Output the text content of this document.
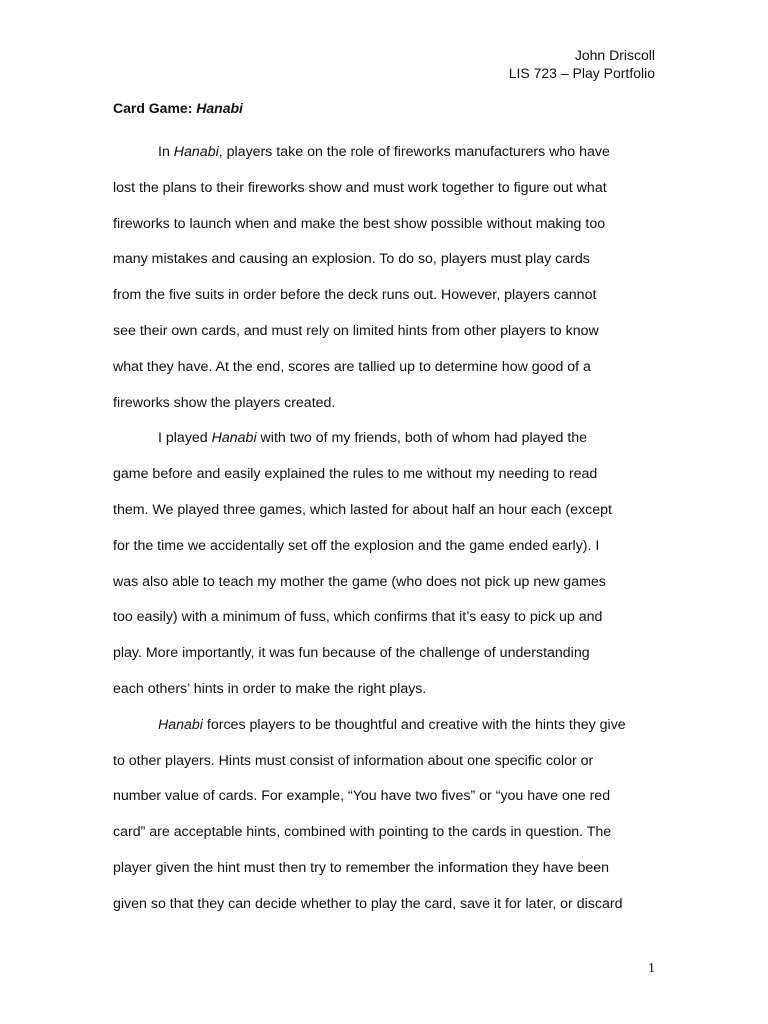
John Driscoll
LIS 723 – Play Portfolio
Card Game: Hanabi
In Hanabi, players take on the role of fireworks manufacturers who have
lost the plans to their fireworks show and must work together to figure out what
fireworks to launch when and make the best show possible without making too
many mistakes and causing an explosion. To do so, players must play cards
from the five suits in order before the deck runs out. However, players cannot
see their own cards, and must rely on limited hints from other players to know
what they have. At the end, scores are tallied up to determine how good of a
fireworks show the players created.
I played Hanabi with two of my friends, both of whom had played the
game before and easily explained the rules to me without my needing to read
them. We played three games, which lasted for about half an hour each (except
for the time we accidentally set off the explosion and the game ended early). I
was also able to teach my mother the game (who does not pick up new games
too easily) with a minimum of fuss, which confirms that it’s easy to pick up and
play. More importantly, it was fun because of the challenge of understanding
each others’ hints in order to make the right plays.
Hanabi forces players to be thoughtful and creative with the hints they give
to other players. Hints must consist of information about one specific color or
number value of cards. For example, “You have two fives” or “you have one red
card” are acceptable hints, combined with pointing to the cards in question. The
player given the hint must then try to remember the information they have been
given so that they can decide whether to play the card, save it for later, or discard
1
